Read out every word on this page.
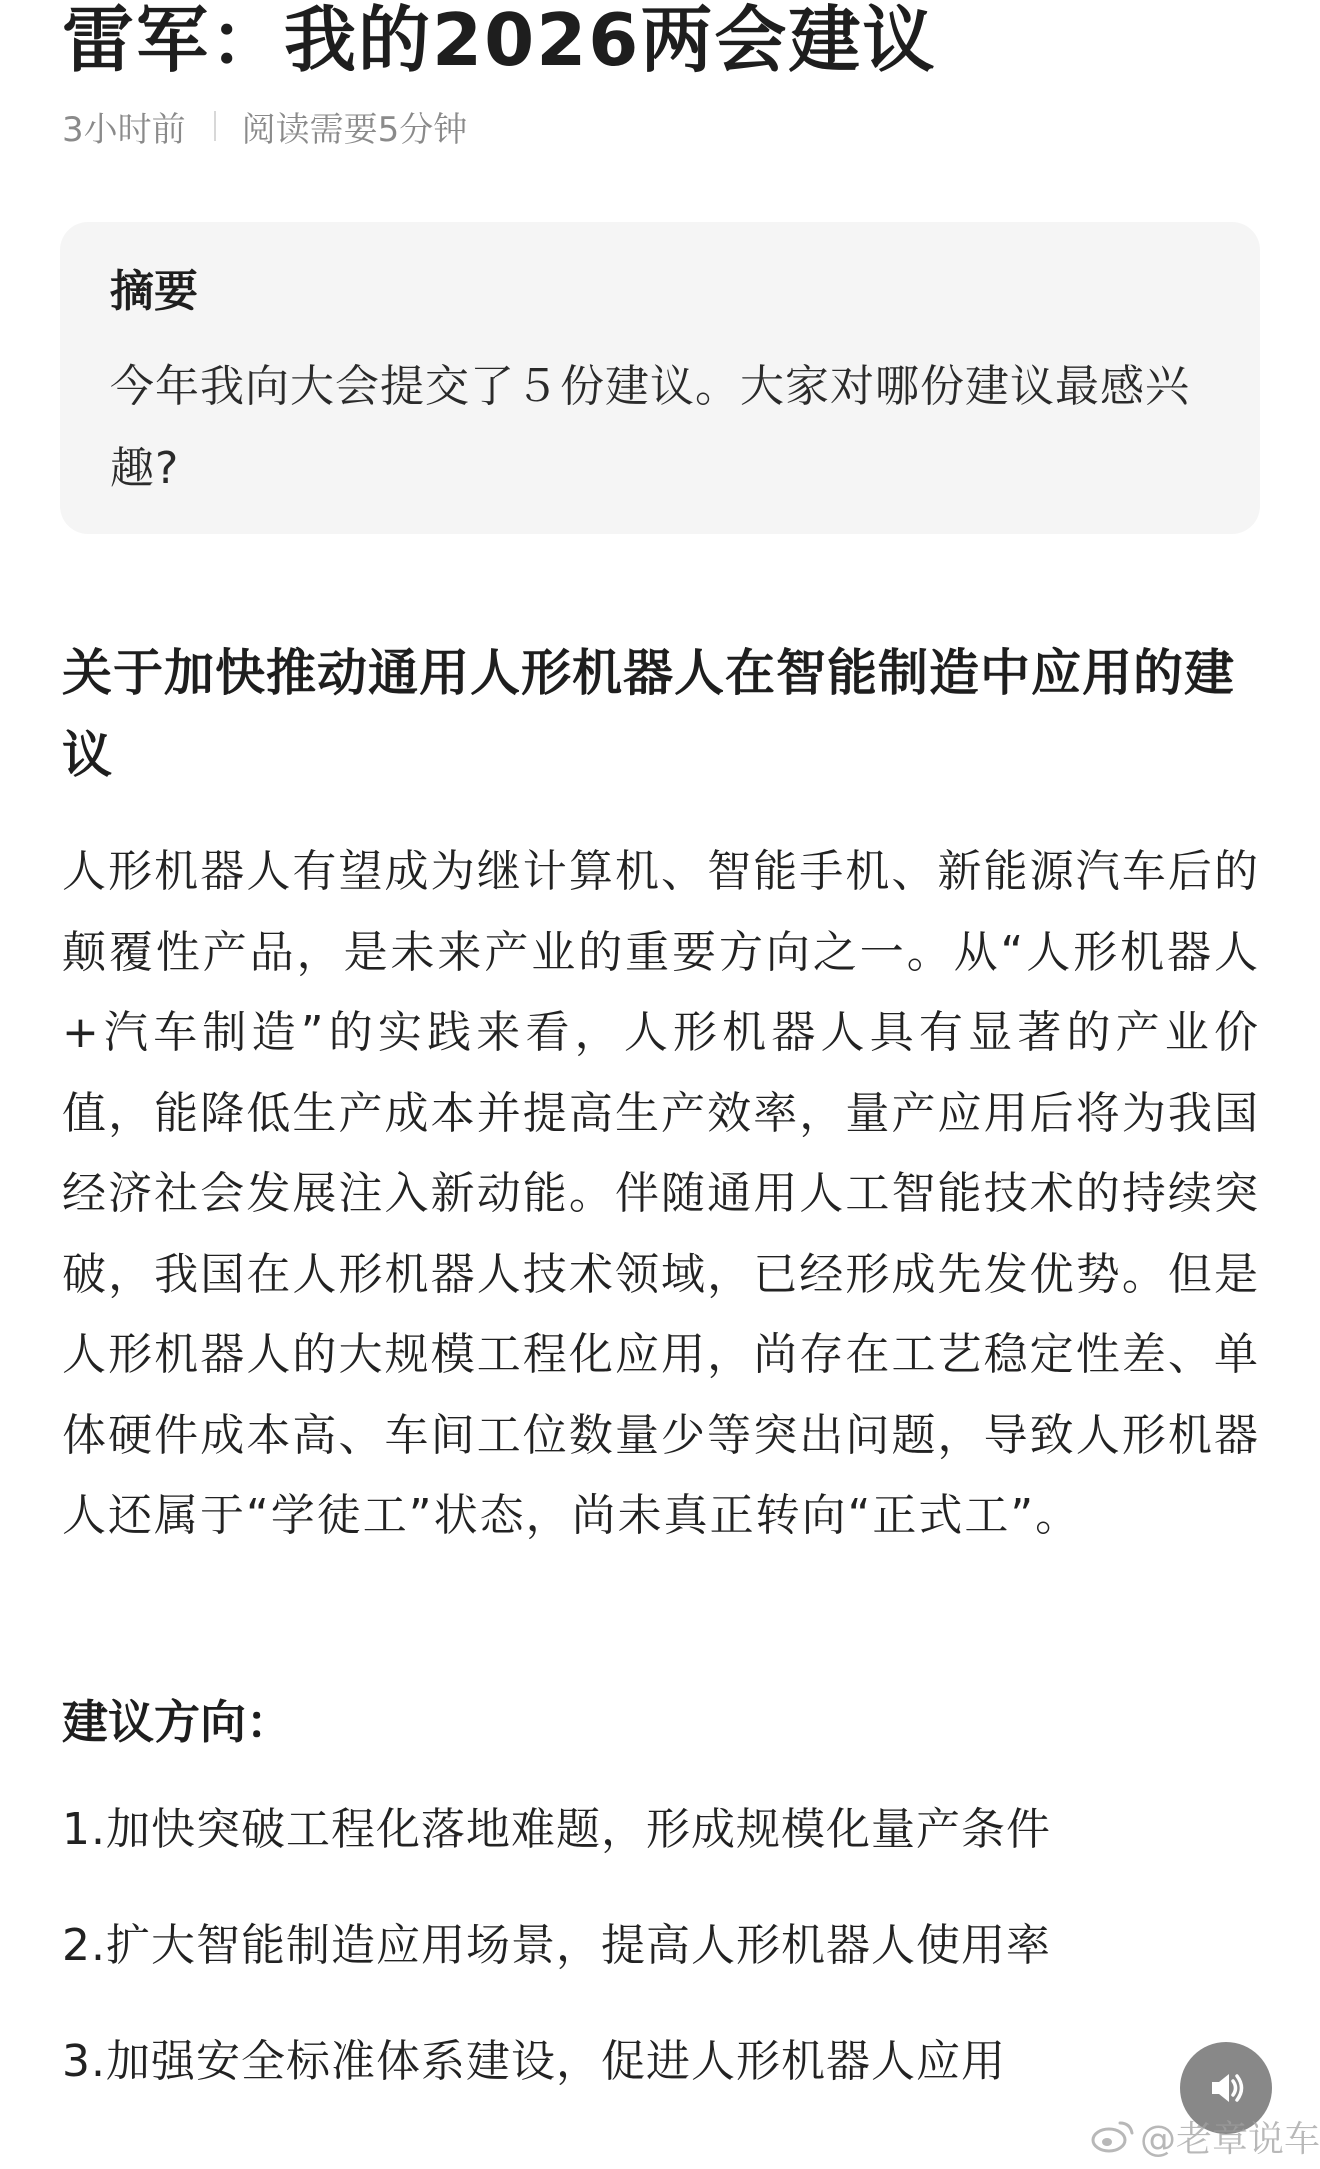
雷军：我的2026两会建议
3小时前 阅读需要5分钟
摘要
今年我向大会提交了５份建议。大家对哪份建议最感兴趣?
关于加快推动通用人形机器人在智能制造中应用的建议
人形机器人有望成为继计算机、智能手机、新能源汽车后的颠覆性产品，是未来产业的重要方向之一。从“人形机器人+汽车制造”的实践来看，人形机器人具有显著的产业价值，能降低生产成本并提高生产效率，量产应用后将为我国经济社会发展注入新动能。伴随通用人工智能技术的持续突破，我国在人形机器人技术领域，已经形成先发优势。但是人形机器人的大规模工程化应用，尚存在工艺稳定性差、单体硬件成本高、车间工位数量少等突出问题，导致人形机器人还属于“学徒工”状态，尚未真正转向“正式工”。
建议方向：
1.加快突破工程化落地难题，形成规模化量产条件
2.扩大智能制造应用场景，提高人形机器人使用率
3.加强安全标准体系建设，促进人形机器人应用
@老章说车
